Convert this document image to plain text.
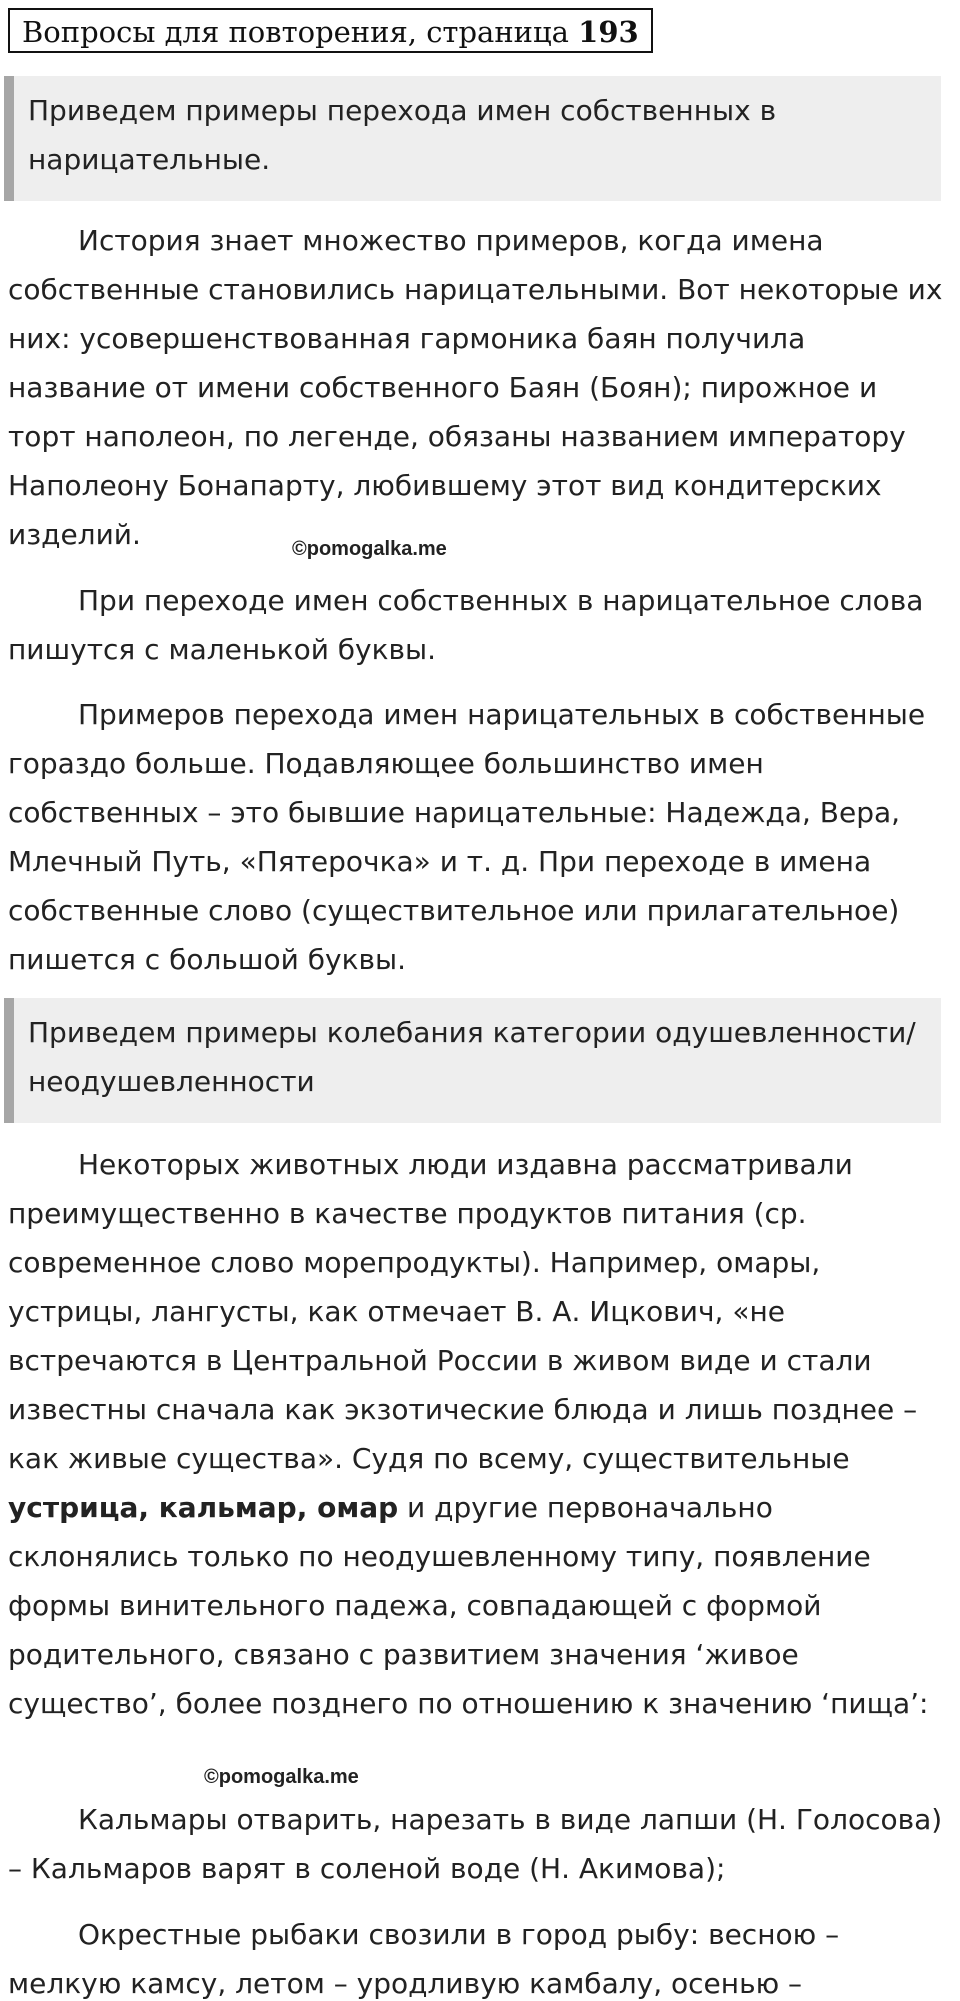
Вопросы для повторения, страница 193
Приведем примеры перехода имен собственных в нарицательные.

История знает множество примеров, когда имена собственные становились нарицательными. Вот некоторые их них: усовершенствованная гармоника баян получила название от имени собственного Баян (Боян); пирожное и торт наполеон, по легенде, обязаны названием императору Наполеону Бонапарту, любившему этот вид кондитерских изделий.	©pomogalka.me

При переходе имен собственных в нарицательное слова пишутся с маленькой буквы.

Примеров перехода имен нарицательных в собственные гораздо больше. Подавляющее большинство имен собственных – это бывшие нарицательные: Надежда, Вера, Млечный Путь, «Пятерочка» и т. д. При переходе в имена собственные слово (существительное или прилагательное) пишется с большой буквы.

Приведем примеры колебания категории одушевленности/неодушевленности

Некоторых животных люди издавна рассматривали преимущественно в качестве продуктов питания (ср. современное слово морепродукты). Например, омары, устрицы, лангусты, как отмечает В. А. Ицкович, «не встречаются в Центральной России в живом виде и стали известны сначала как экзотические блюда и лишь позднее – как живые существа». Судя по всему, существительные устрица, кальмар, омар и другие первоначально склонялись только по неодушевленному типу, появление формы винительного падежа, совпадающей с формой родительного, связано с развитием значения ‘живое существо’, более позднего по отношению к значению ‘пища’:

©pomogalka.me

Кальмары отварить, нарезать в виде лапши (Н. Голосова) – Кальмаров варят в соленой воде (Н. Акимова);

Окрестные рыбаки свозили в город рыбу: весною – мелкую камсу, летом – уродливую камбалу, осенью –
